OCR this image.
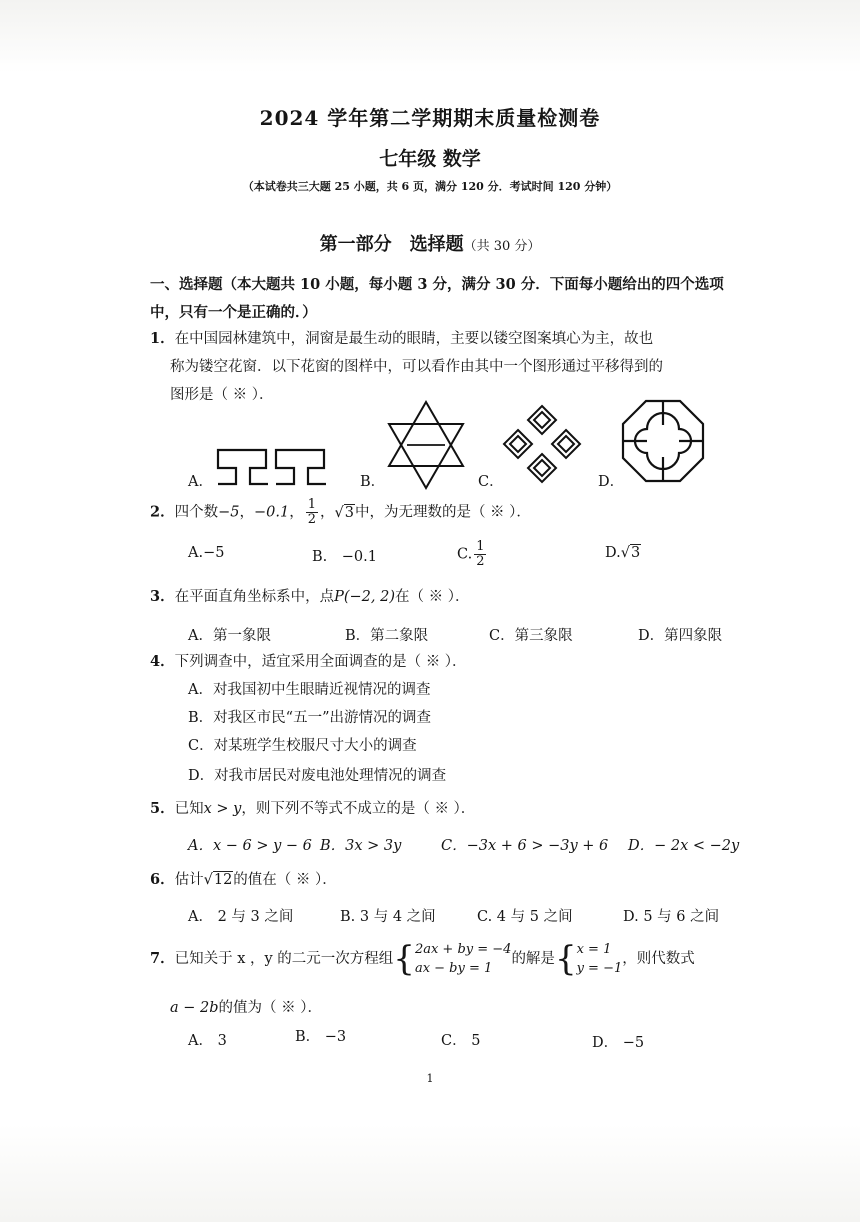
2024 学年第二学期期末质量检测卷
七年级 数学
（本试卷共三大题 25 小题，共 6 页，满分 120 分．考试时间 120 分钟）
第一部分　选择题（共 30 分）
一、选择题（本大题共 10 小题，每小题 3 分，满分 30 分．下面每小题给出的四个选项中，只有一个是正确的．）
1．在中国园林建筑中，洞窗是最生动的眼睛，主要以镂空图案填心为主，故也
称为镂空花窗．以下花窗的图样中，可以看作由其中一个图形通过平移得到的
图形是（ ※ ）．
A．	B．	C．	D．
2．四个数−5，−0.1， $\frac{1}{2}$ ，√3中，为无理数的是（ ※ ）．
A.−5	B.　−0.1	C. $\frac{1}{2}$	D.√3
3．在平面直角坐标系中，点P(−2, 2)在（ ※ ）．
A．第一象限	B．第二象限	C．第三象限	D．第四象限
4．下列调查中，适宜采用全面调查的是（ ※ ）．
A．对我国初中生眼睛近视情况的调查
B．对我区市民“五一”出游情况的调查
C．对某班学生校服尺寸大小的调查
D．对我市居民对废电池处理情况的调查
5．已知x > y，则下列不等式不成立的是（ ※ ）．
A．x − 6 > y − 6 B．3x > 3y	C．−3x + 6 > −3y + 6 D．− 2x < −2y
6．估计√12的值在（ ※ ）．
A． 2 与 3 之间	B. 3 与 4 之间	C. 4 与 5 之间	D. 5 与 6 之间
7．已知关于 x ，y 的二元一次方程组{2ax + by = −4
ax − by = 1的解是{x = 1
y = −1，则代数式
a − 2b的值为（ ※ ）．
A． 3	B． −3	C． 5	D． −5
1
